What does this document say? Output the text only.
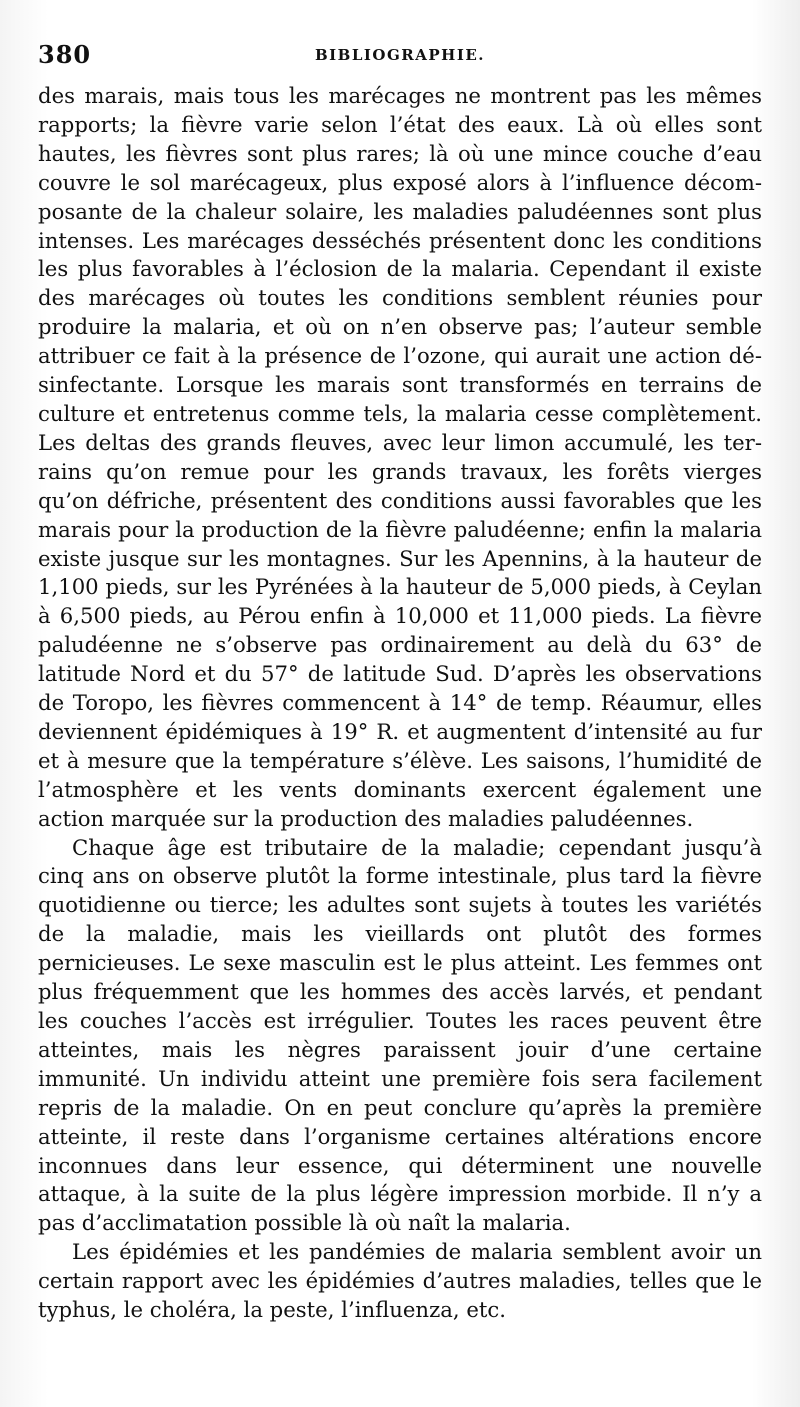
380	BIBLIOGRAPHIE.

des marais, mais tous les marécages ne montrent pas les mêmes rapports; la fièvre varie selon l’état des eaux. Là où elles sont hautes, les fièvres sont plus rares; là où une mince couche d’eau couvre le sol marécageux, plus exposé alors à l’influence décomposante de la chaleur solaire, les maladies paludéennes sont plus intenses. Les marécages desséchés présentent donc les conditions les plus favorables à l’éclosion de la malaria. Cependant il existe des marécages où toutes les conditions semblent réunies pour produire la malaria, et où on n’en observe pas; l’auteur semble attribuer ce fait à la présence de l’ozone, qui aurait une action désinfectante. Lorsque les marais sont transformés en terrains de culture et entretenus comme tels, la malaria cesse complètement. Les deltas des grands fleuves, avec leur limon accumulé, les terrains qu’on remue pour les grands travaux, les forêts vierges qu’on défriche, présentent des conditions aussi favorables que les marais pour la production de la fièvre paludéenne; enfin la malaria existe jusque sur les montagnes. Sur les Apennins, à la hauteur de 1,100 pieds, sur les Pyrénées à la hauteur de 5,000 pieds, à Ceylan à 6,500 pieds, au Pérou enfin à 10,000 et 11,000 pieds. La fièvre paludéenne ne s’observe pas ordinairement au delà du 63° de latitude Nord et du 57° de latitude Sud. D’après les observations de Toropo, les fièvres commencent à 14° de temp. Réaumur, elles deviennent épidémiques à 19° R. et augmentent d’intensité au fur et à mesure que la température s’élève. Les saisons, l’humidité de l’atmosphère et les vents dominants exercent également une action marquée sur la production des maladies paludéennes.

Chaque âge est tributaire de la maladie; cependant jusqu’à cinq ans on observe plutôt la forme intestinale, plus tard la fièvre quotidienne ou tierce; les adultes sont sujets à toutes les variétés de la maladie, mais les vieillards ont plutôt des formes pernicieuses. Le sexe masculin est le plus atteint. Les femmes ont plus fréquemment que les hommes des accès larvés, et pendant les couches l’accès est irrégulier. Toutes les races peuvent être atteintes, mais les nègres paraissent jouir d’une certaine immunité. Un individu atteint une première fois sera facilement repris de la maladie. On en peut conclure qu’après la première atteinte, il reste dans l’organisme certaines altérations encore inconnues dans leur essence, qui déterminent une nouvelle attaque, à la suite de la plus légère impression morbide. Il n’y a pas d’acclimatation possible là où naît la malaria.

Les épidémies et les pandémies de malaria semblent avoir un certain rapport avec les épidémies d’autres maladies, telles que le typhus, le choléra, la peste, l’influenza, etc.
